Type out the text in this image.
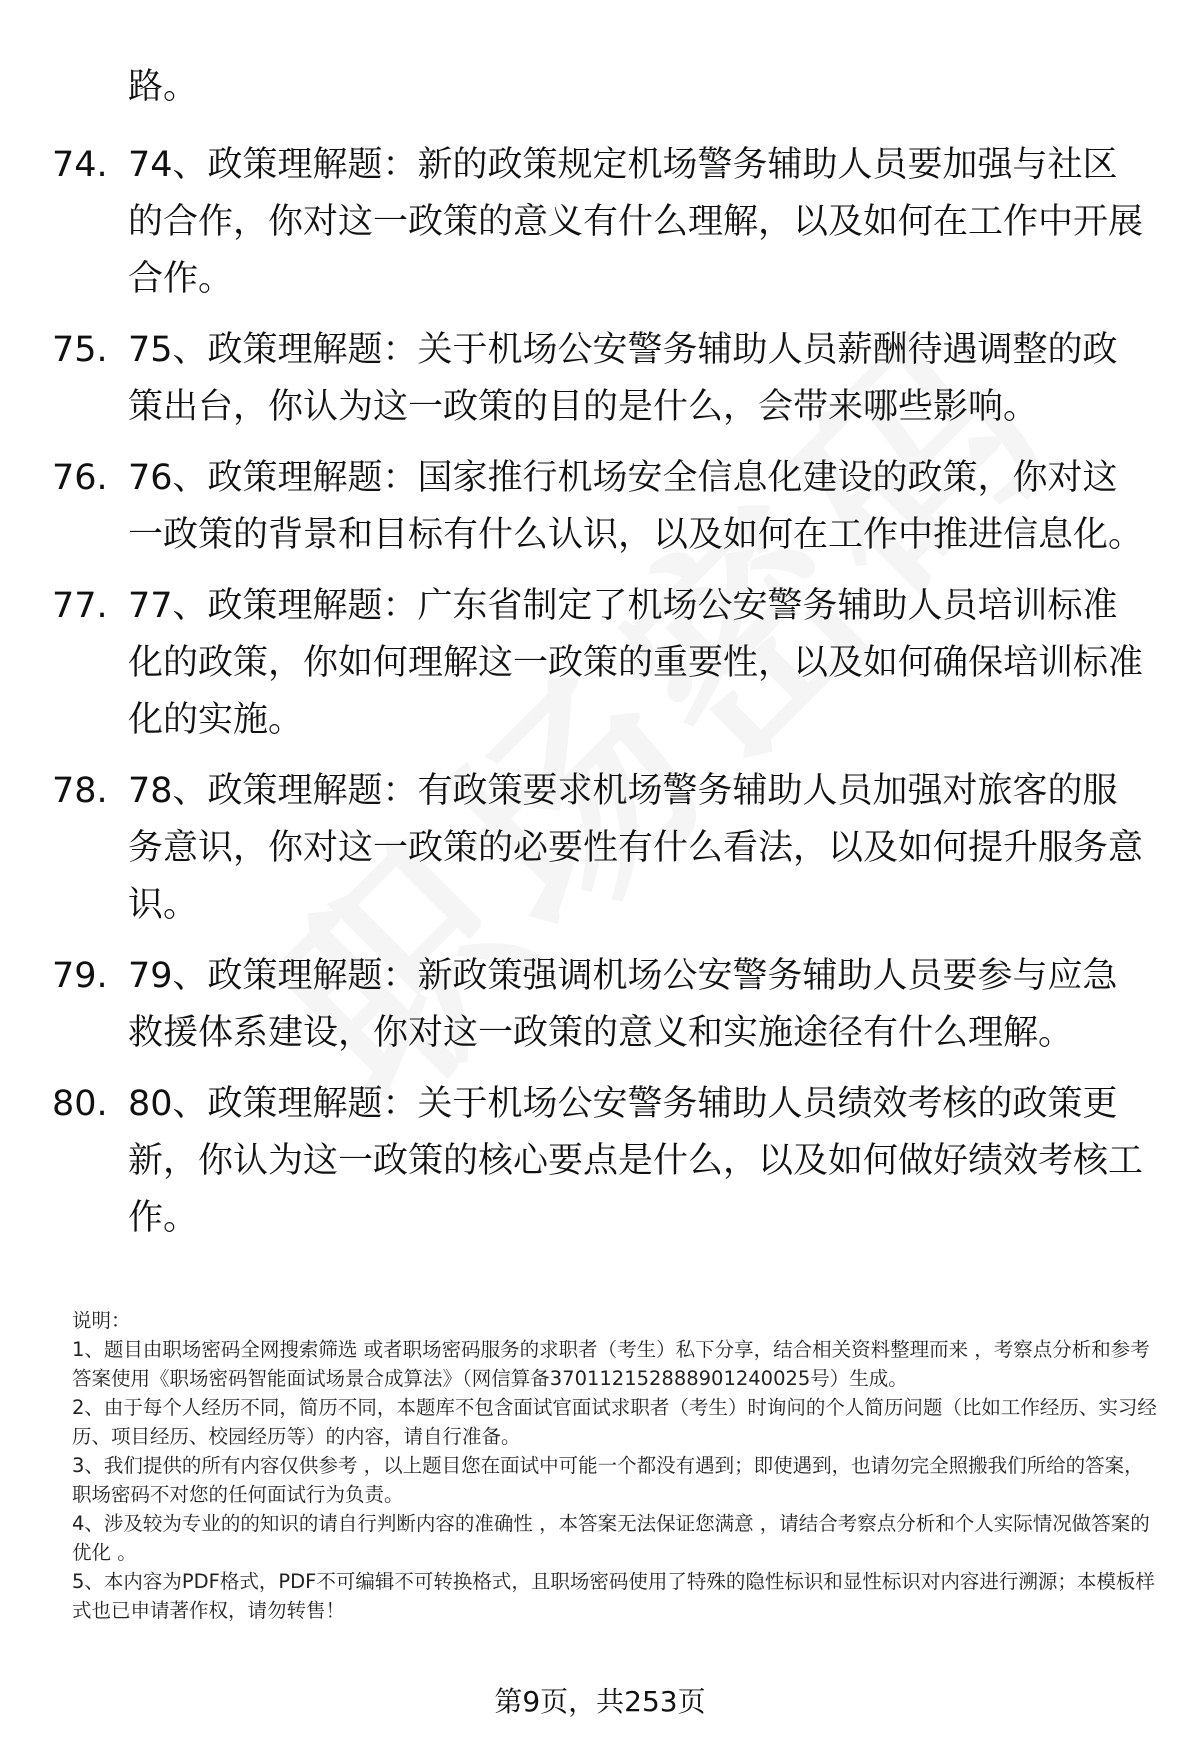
路。
74. 74、政策理解题：新的政策规定机场警务辅助人员要加强与社区的合作，你对这一政策的意义有什么理解，以及如何在工作中开展合作。
75. 75、政策理解题：关于机场公安警务辅助人员薪酬待遇调整的政策出台，你认为这一政策的目的是什么，会带来哪些影响。
76. 76、政策理解题：国家推行机场安全信息化建设的政策，你对这一政策的背景和目标有什么认识，以及如何在工作中推进信息化。
77. 77、政策理解题：广东省制定了机场公安警务辅助人员培训标准化的政策，你如何理解这一政策的重要性，以及如何确保培训标准化的实施。
78. 78、政策理解题：有政策要求机场警务辅助人员加强对旅客的服务意识，你对这一政策的必要性有什么看法，以及如何提升服务意识。
79. 79、政策理解题：新政策强调机场公安警务辅助人员要参与应急救援体系建设，你对这一政策的意义和实施途径有什么理解。
80. 80、政策理解题：关于机场公安警务辅助人员绩效考核的政策更新，你认为这一政策的核心要点是什么，以及如何做好绩效考核工作。

说明：

1、题目由职场密码全网搜索筛选 或者职场密码服务的求职者（考生）私下分享，结合相关资料整理而来 ，考察点分析和参考答案使用《职场密码智能面试场景合成算法》（网信算备370112152888901240025号）生成。

2、由于每个人经历不同，简历不同，本题库不包含面试官面试求职者（考生）时询问的个人简历问题（比如工作经历、实习经历、项目经历、校园经历等）的内容，请自行准备。

3、我们提供的所有内容仅供参考 ，以上题目您在面试中可能一个都没有遇到；即使遇到，也请勿完全照搬我们所给的答案，职场密码不对您的任何面试行为负责。

4、涉及较为专业的的知识的请自行判断内容的准确性 ，本答案无法保证您满意 ，请结合考察点分析和个人实际情况做答案的优化 。

5、本内容为PDF格式，PDF不可编辑不可转换格式，且职场密码使用了特殊的隐性标识和显性标识对内容进行溯源；本模板样式也已申请著作权，请勿转售！

第9页，共253页
